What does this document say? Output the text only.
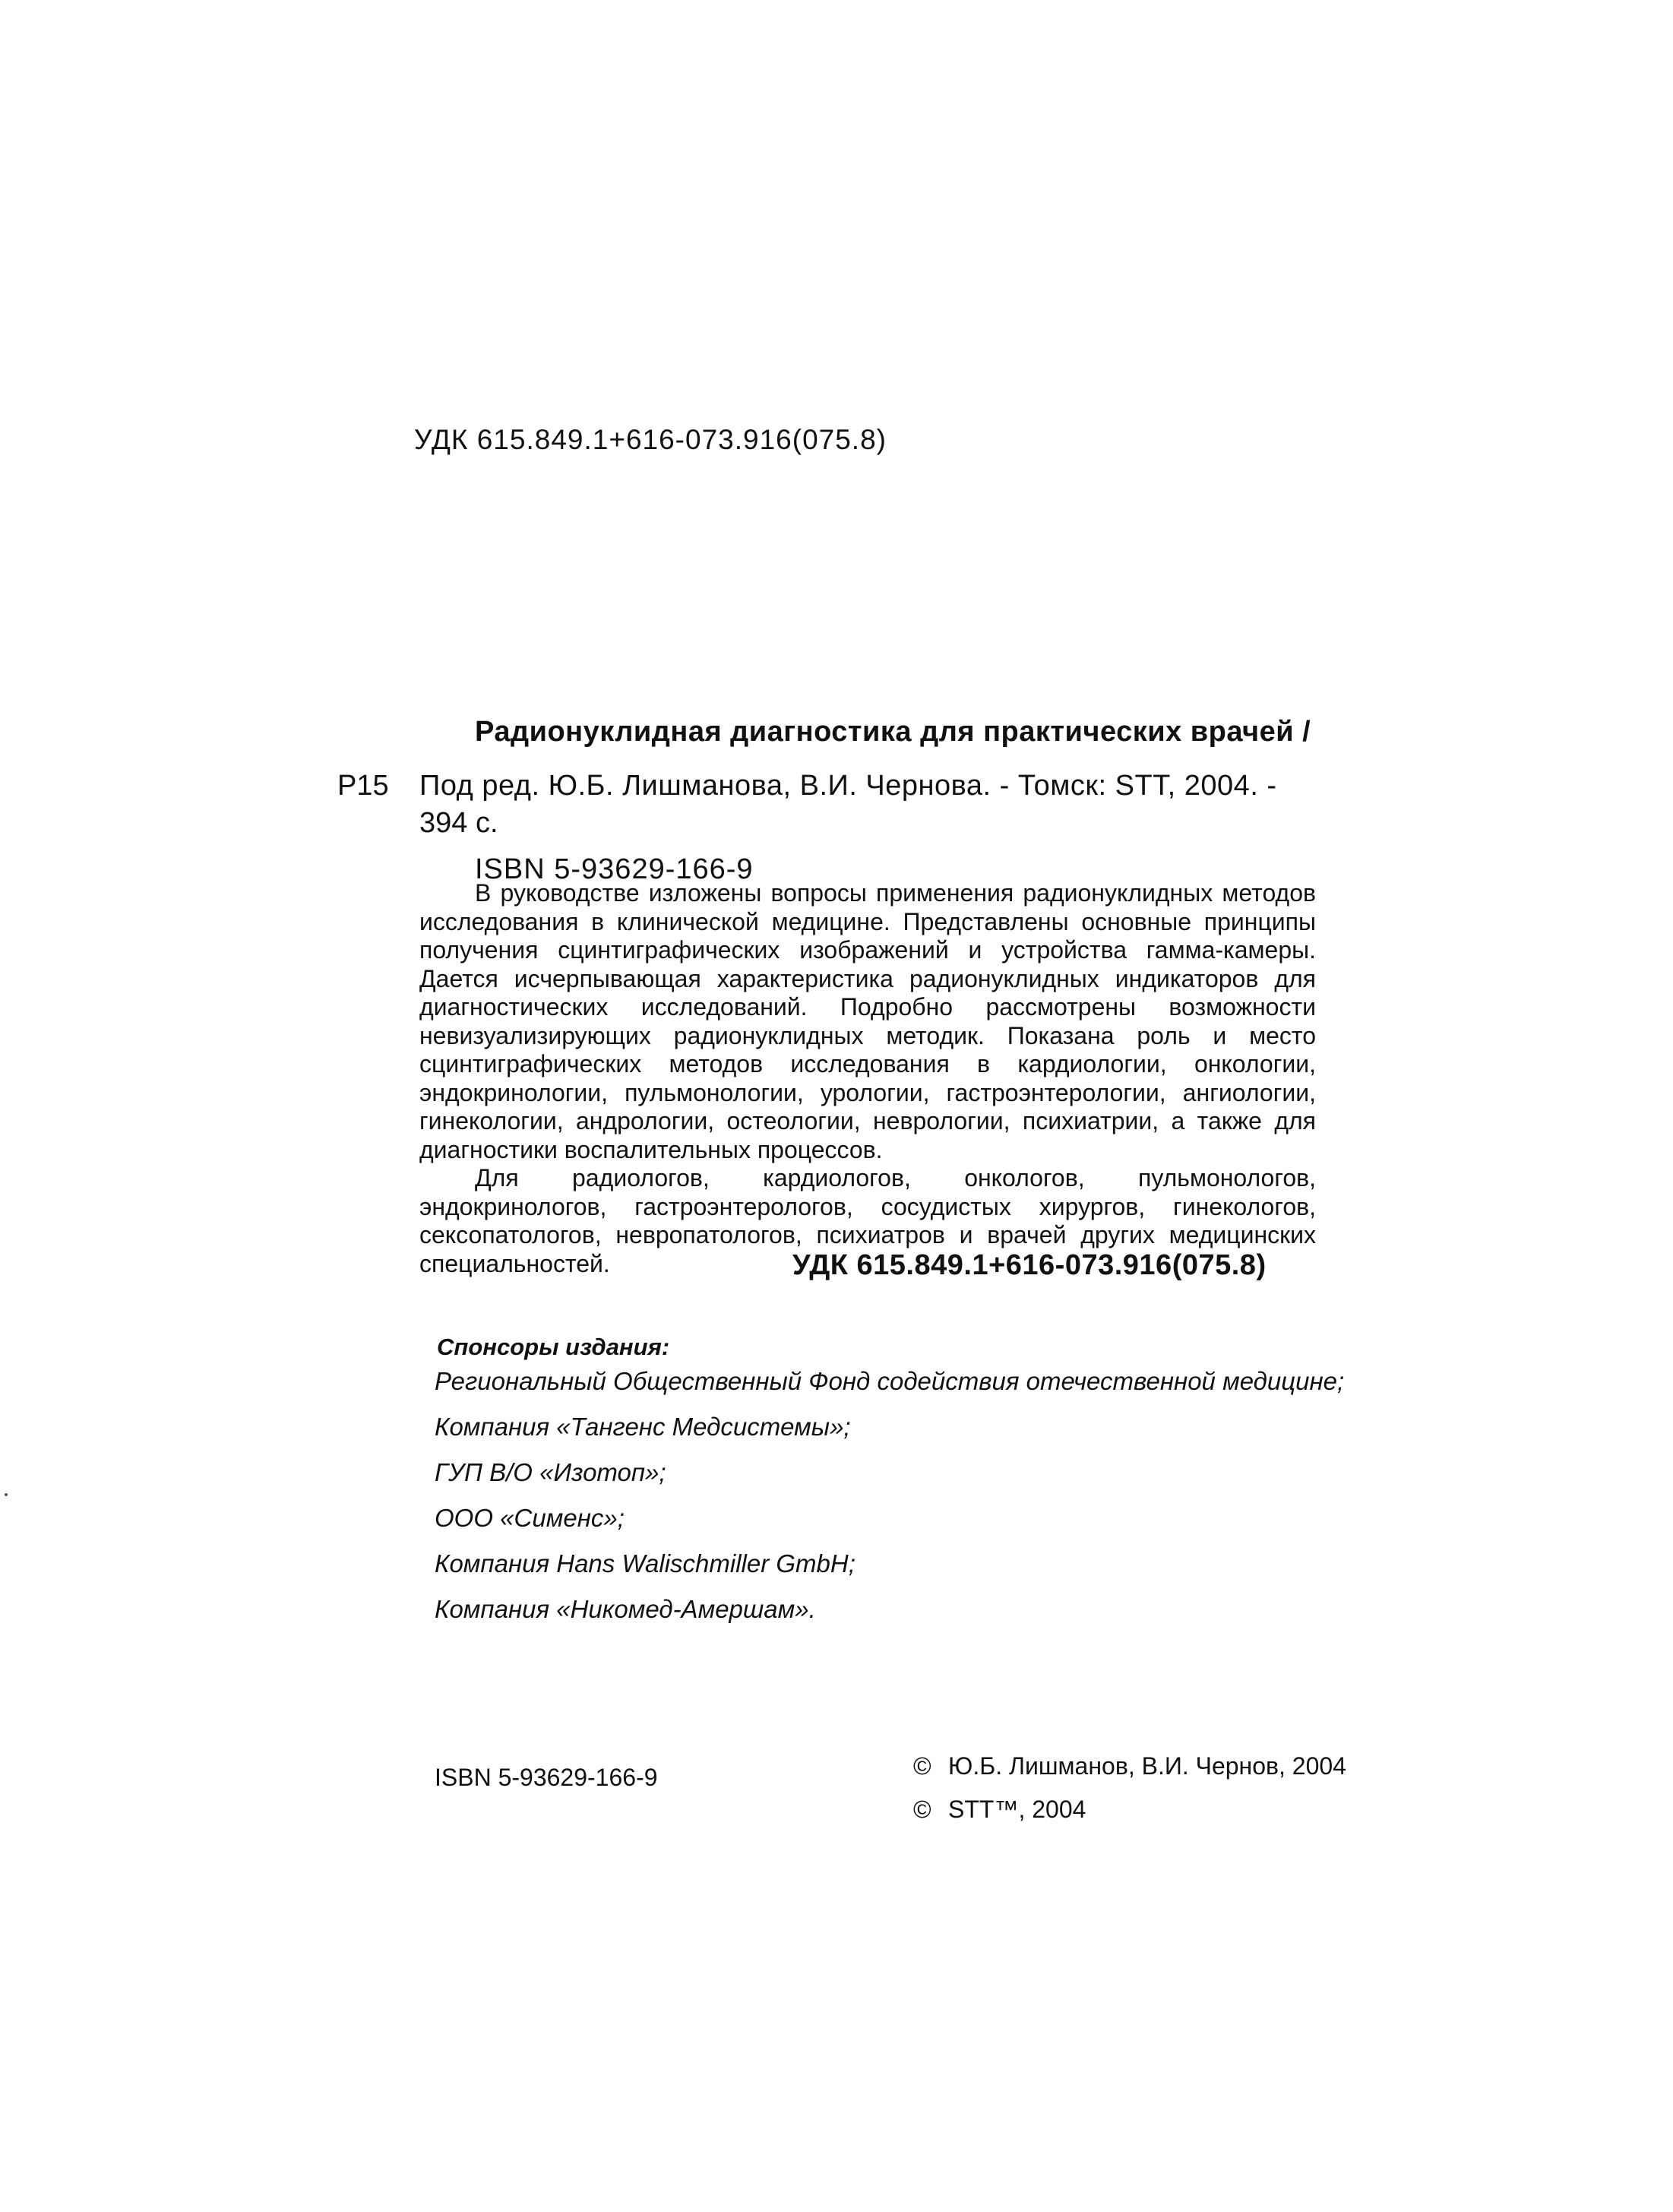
УДК 615.849.1+616-073.916(075.8)
Радионуклидная диагностика для практических врачей /
Р15 Под ред. Ю.Б. Лишманова, В.И. Чернова. - Томск: STT, 2004. -
394 с.
ISBN 5-93629-166-9

В руководстве изложены вопросы применения радионуклидных методов исследования в клинической медицине. Представлены основные принципы получения сцинтиграфических изображений и устройства гамма-камеры. Дается исчерпывающая характеристика радионуклидных индикаторов для диагностических исследований. Подробно рассмотрены возможности невизуализирующих радионуклидных методик. Показана роль и место сцинтиграфических методов исследования в кардиологии, онкологии, эндокринологии, пульмонологии, урологии, гастроэнтерологии, ангиологии, гинекологии, андрологии, остеологии, неврологии, психиатрии, а также для диагностики воспалительных процессов.

Для радиологов, кардиологов, онкологов, пульмонологов, эндокринологов, гастроэнтерологов, сосудистых хирургов, гинекологов, сексопатологов, невропатологов, психиатров и врачей других медицинских специальностей.	УДК 615.849.1+616-073.916(075.8)
Спонсоры издания:
Региональный Общественный Фонд содействия отечественной медицине;
Компания «Тангенс Медсистемы»;
ГУП В/О «Изотоп»;
ООО «Сименс»;
Компания Hans Walischmiller GmbH;
Компания «Никомед-Амершам».
ISBN 5-93629-166-9	© Ю.Б. Лишманов, В.И. Чернов, 2004
© STT™, 2004
